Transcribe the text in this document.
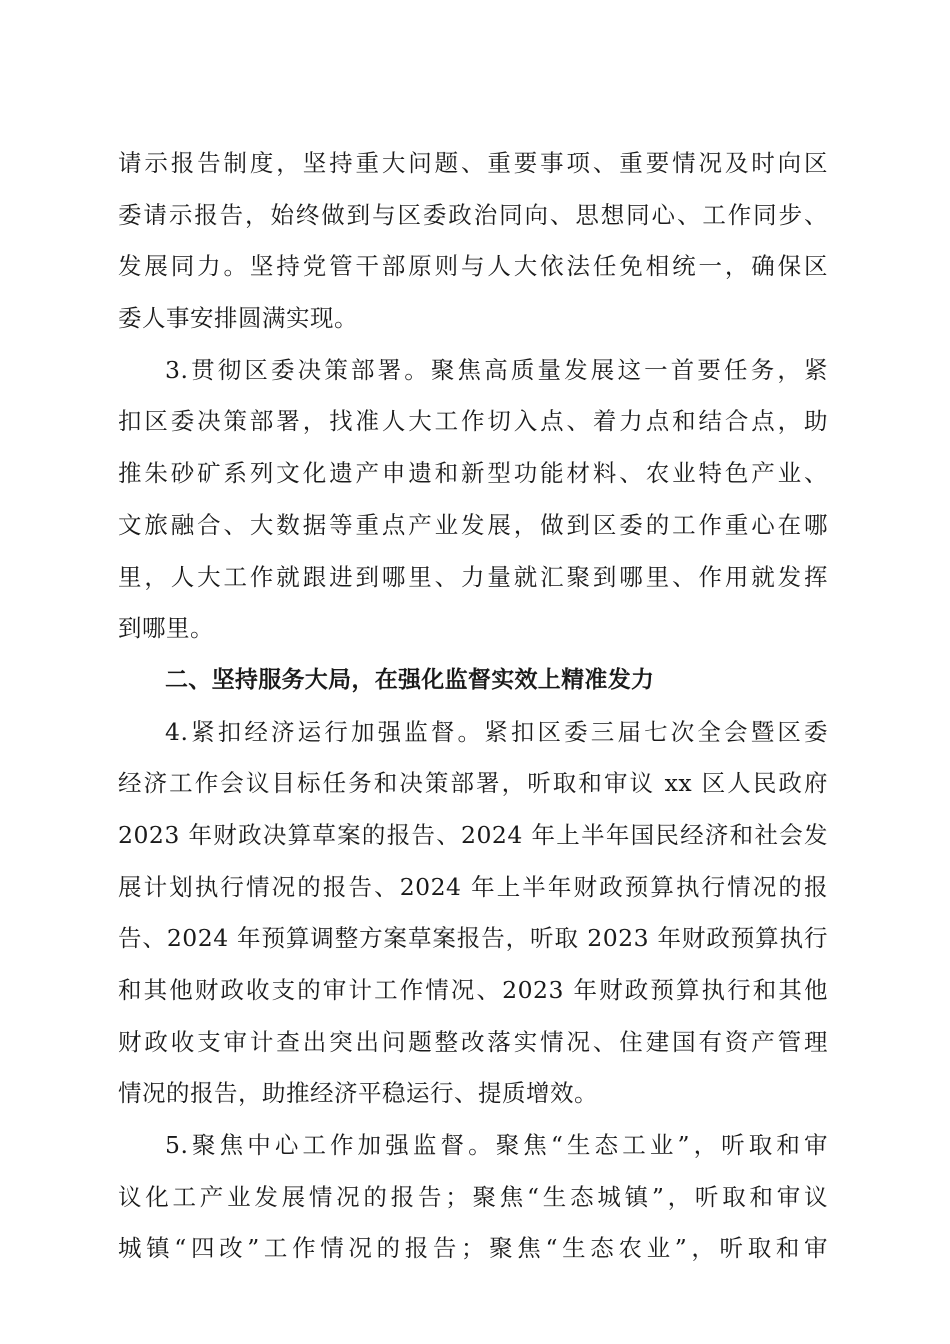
请示报告制度，坚持重大问题、重要事项、重要情况及时向区
委请示报告，始终做到与区委政治同向、思想同心、工作同步、
发展同力。坚持党管干部原则与人大依法任免相统一，确保区
委人事安排圆满实现。
3.贯彻区委决策部署。聚焦高质量发展这一首要任务，紧
扣区委决策部署，找准人大工作切入点、着力点和结合点，助
推朱砂矿系列文化遗产申遗和新型功能材料、农业特色产业、
文旅融合、大数据等重点产业发展，做到区委的工作重心在哪
里，人大工作就跟进到哪里、力量就汇聚到哪里、作用就发挥
到哪里。
二、坚持服务大局，在强化监督实效上精准发力
4.紧扣经济运行加强监督。紧扣区委三届七次全会暨区委
经济工作会议目标任务和决策部署，听取和审议 xx 区人民政府
2023 年财政决算草案的报告、2024 年上半年国民经济和社会发
展计划执行情况的报告、2024 年上半年财政预算执行情况的报
告、2024 年预算调整方案草案报告，听取 2023 年财政预算执行
和其他财政收支的审计工作情况、2023 年财政预算执行和其他
财政收支审计查出突出问题整改落实情况、住建国有资产管理
情况的报告，助推经济平稳运行、提质增效。
5.聚焦中心工作加强监督。聚焦“生态工业”，听取和审
议化工产业发展情况的报告；聚焦“生态城镇”，听取和审议
城镇“四改”工作情况的报告；聚焦“生态农业”，听取和审
